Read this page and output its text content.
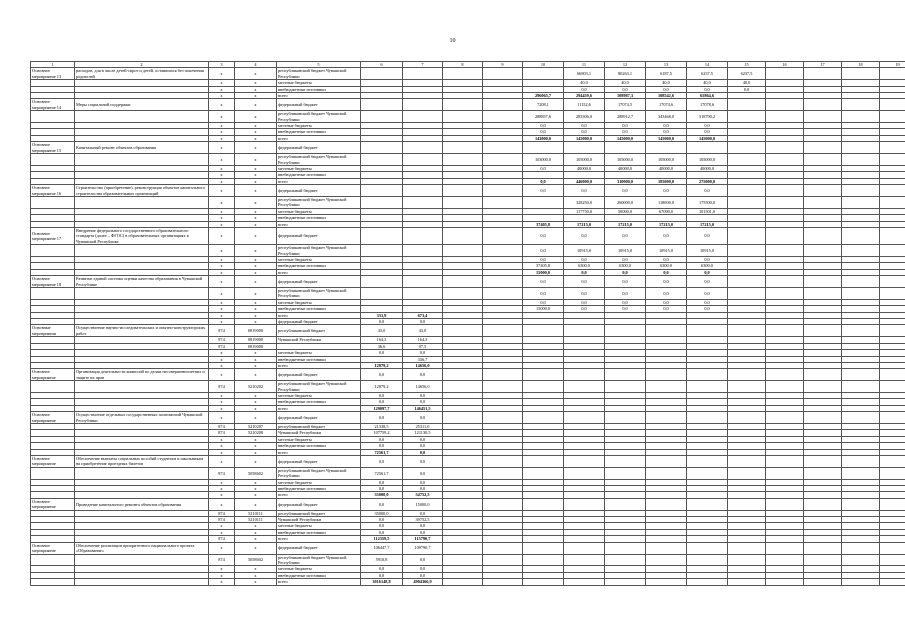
10
1	2	3	4	5	6	7	8	9	10	11	12	13	14	15	16	17	18	19
Основное мероприятие 13	расходов, для в числе детей-сирот и детей, оставшихся без попечения родителей	х	х	республиканский бюджет Чувашской Республики						66803,1	80263,1	6187,5	6237,5	6237,5				
		х	х	местные бюджеты						40,0	40,0	40,0	40,0	40,0				
		х	х	внебюджетные источники						0,0	0,0	0,0	0,0	0,0				
		х	х	всего					296065,7	294459,6	108987,3	108542,6	65864,6					
Основное мероприятие 14	Меры социальной поддержки	х	х	федеральный бюджет					7208,1	11152,6	17074,5	17074,6	17078,6					
		х	х	республиканский бюджет Чувашской Республики					288857,6	283306,0	288912,7	343468,0	318790,2					
		х	х	местные бюджеты					0,0	0,0	0,0	0,0	0,0					
		х	х	внебюджетные источники					0,0	0,0	0,0	0,0	0,0					
		х	х	всего					143000,0	145000,0	145000,0	145000,0	145000,0					
Основное мероприятие 15	Капитальный ремонт объектов образования	х	х	федеральный бюджет														
		х	х	республиканский бюджет Чувашской Республики					103000,0	105000,0	105000,0	105000,0	105000,0					
		х	х	местные бюджеты					0,0	40000,0	40000,0	40000,0	40000,0					
		х	х	внебюджетные источники														
		х	х	всего					0,0	446000,0	310000,0	185000,0	275000,0					
Основное мероприятие 16	Строительство (приобретение), реконструкция объектов капитального строительства образовательных организаций	х	х	федеральный бюджет					0,0	0,0	0,0	0,0	0,0					
		х	х	республиканский бюджет Чувашской Республики						328250,0	260000,0	118000,0	175500,0					
		х	х	местные бюджеты						117750,0	50000,0	67000,0	101501,0					
		х	х	внебюджетные источники														
		х	х	всего					37405,8	17215,0	17215,0	17215,0	17215,0					
Основное мероприятие 17	Внедрение федерального государственного образовательного стандарта (далее – ФГОС) в образовательных организациях в Чувашской Республике	х	х	федеральный бюджет					0,0	0,0	0,0	0,0	0,0					
		х	х	республиканский бюджет Чувашской Республики					0,0	10915,0	10915,0	10915,0	10915,0					
		х	х	местные бюджеты					0,0	0,0	0,0	0,0	0,0					
		х	х	внебюджетные источники					37405,8	6300,0	6300,0	6300,0	6300,0					
		х	х	всего					15000,0	0,0	0,0	0,0	0,0					
Основное мероприятие 18	Развитие единой системы оценки качества образования в Чувашской Республике	х	х	федеральный бюджет					0,0	0,0	0,0	0,0	0,0					
		х	х	республиканский бюджет Чувашской Республики					0,0	0,0	0,0	0,0	0,0					
		х	х	местные бюджеты					0,0	0,0	0,0	0,0	0,0					
		х	х	внебюджетные источники					15000,0	0,0	0,0	0,0	0,0					
		х	х	всего	333,9	673,4												
		х	х	федеральный бюджет	0,0	0,0												
Основные мероприятия	Осуществление научно-исследовательских и опытно-конструкторских работ	874	0819000	республиканский бюджет	43,0	43,0												
		874	0819000	Чувашской Республики	164,3	164,3												
		874	0819000		36,6	97,5												
		х	х	местные бюджеты	0,0	0,0												
		х	х	внебюджетные источники		336,7												
		х	х	всего	12879,2	14656,0												
Основное мероприятие	Организация деятельности комиссий по делам несовершеннолетних и защите их прав	х	х	федеральный бюджет	0,0	0,0												
		874	5210202	республиканский бюджет Чувашской Республики	12879,2	14656,0												
		х	х	местные бюджеты	0,0	0,0												
		х	х	внебюджетные источники	0,0	0,0												
		х	х	всего	129097,7	146451,5												
Основное мероприятие	Осуществление отдельных государственных полномочий Чувашской Республики	х	х	федеральный бюджет	0,0	0,0												
		874	5210207	республиканский бюджет	21338,5	25311,0												
		874	5210208	Чувашской Республики	107759,2	121130,5												
		х	х	местные бюджеты	0,0	0,0												
		х	х	внебюджетные источники	0,0	0,0												
		х	х	всего	72561,7	0,0												
Основное мероприятие	Обеспечение выплаты социальных пособий студентам и школьникам на приобретение проездных билетов	х	х	федеральный бюджет	0,0	0,0												
		874	5058602	республиканский бюджет Чувашской Республики	72561,7	0,0												
		х	х	местные бюджеты	0,0	0,0												
		х	х	внебюджетные источники	0,0	0,0												
		х	х	всего	35000,0	54752,5												
Основное мероприятие	Проведение капитального ремонта объектов образования	х	х	федеральный бюджет	0,0	15000,0												
		874	5210111	республиканский бюджет	35000,0	0,0												
		874	5210111	Чувашской Республики	0,0	39752,5												
		х	х	местные бюджеты	0,0	0,0												
		х	х	внебюджетные источники	0,0	0,0												
		874	х	всего	112359,5	115790,7												
Основное мероприятие	Обеспечение реализации приоритетного национального проекта «Образование»	х	х	федеральный бюджет	106447,7	109790,7												
		874	5058602	республиканский бюджет Чувашской Республики	5910,8	0,0												
		х	х	местные бюджеты	0,0	0,0												
		х	х	внебюджетные источники	0,0	0,0												
		х	х	всего	3016148,8	4904366,9												
